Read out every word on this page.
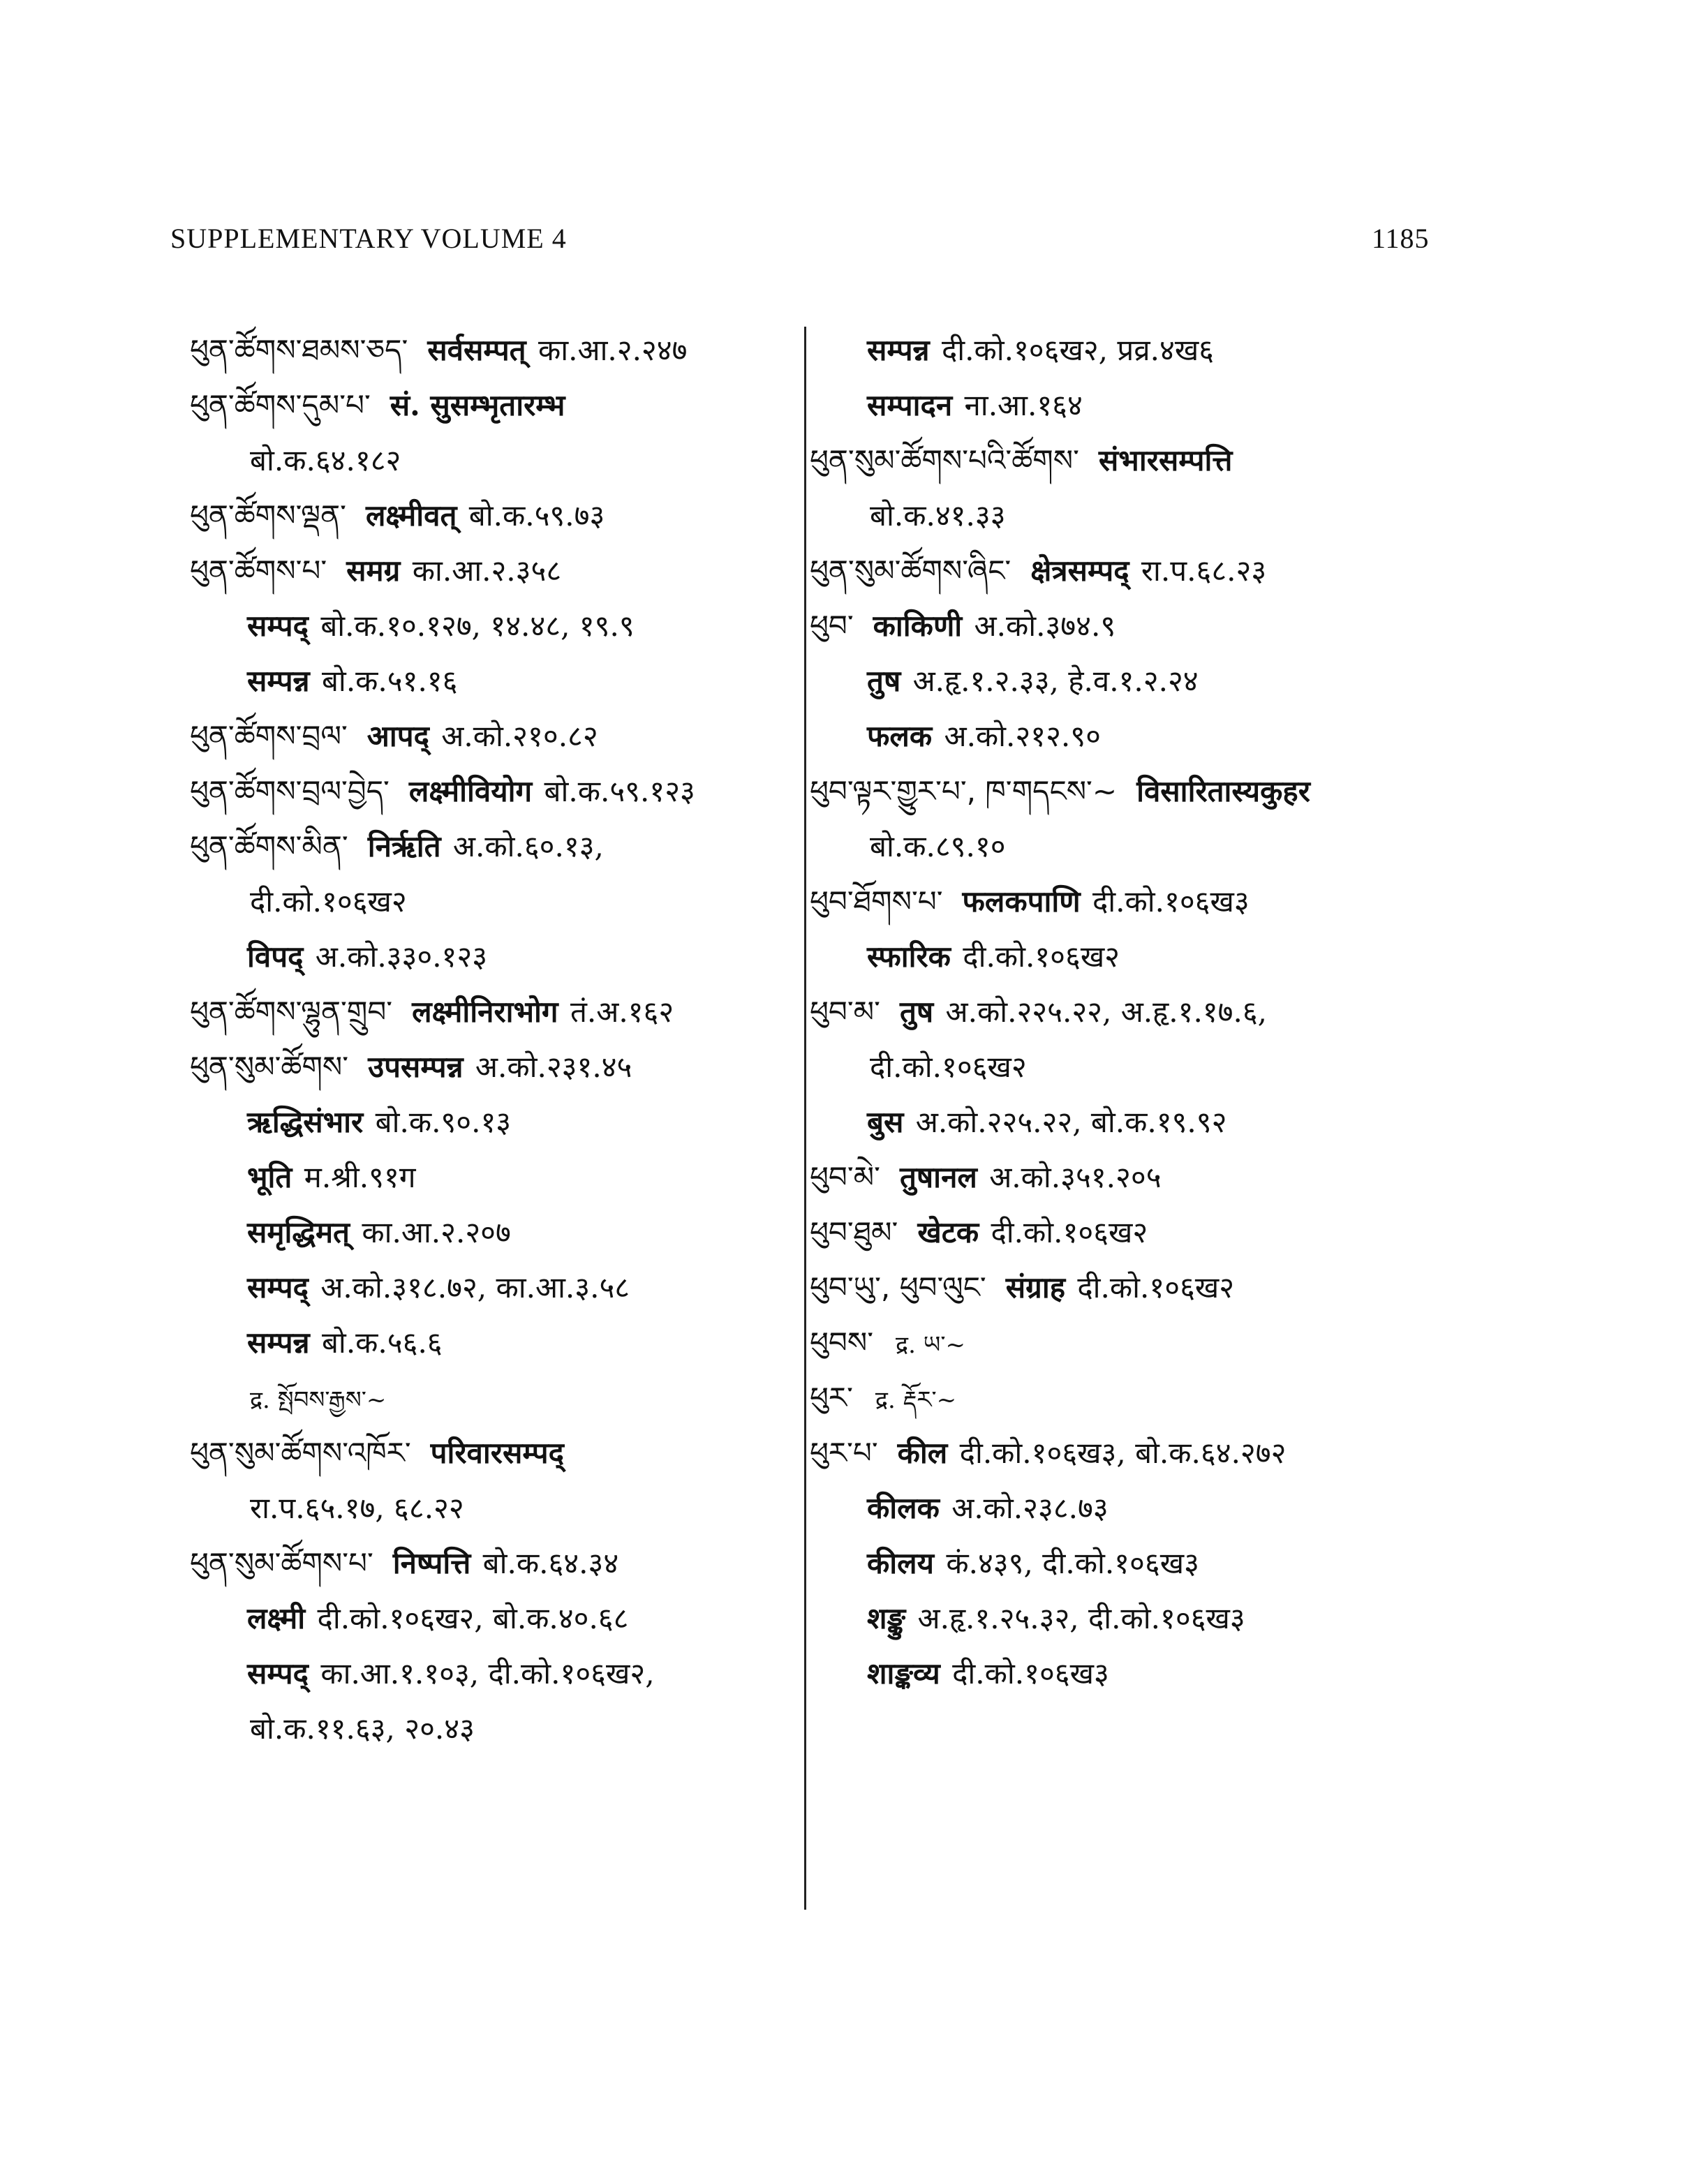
SUPPLEMENTARY VOLUME 4	1185
ཕུན་ཚོགས་ཐམས་ཅད་ सर्वसम्पत् का.आ.२.२४७
ཕུན་ཚོགས་དུམ་པ་ सं. सुसम्भृतारम्भ
बो.क.६४.१८२
ཕུན་ཚོགས་ལྡན་ लक्ष्मीवत् बो.क.५९.७३
ཕུན་ཚོགས་པ་ समग्र का.आ.२.३५८
सम्पद् बो.क.१०.१२७, १४.४८, १९.९
सम्पन्न बो.क.५१.१६
ཕུན་ཚོགས་བྲལ་ आपद् अ.को.२१०.८२
ཕུན་ཚོགས་བྲལ་བྱེད་ लक्ष्मीवियोग बो.क.५९.१२३
ཕུན་ཚོགས་མིན་ निर्ऋति अ.को.६०.१३,
दी.को.१०६ख२
विपद् अ.को.३३०.१२३
ཕུན་ཚོགས་ལྷུན་གྲུབ་ लक्ष्मीनिराभोग तं.अ.१६२
ཕུན་སུམ་ཚོགས་ उपसम्पन्न अ.को.२३१.४५
ऋद्धिसंभार बो.क.९०.१३
भूति म.श्री.९१ग
समृद्धिमत् का.आ.२.२०७
सम्पद् अ.को.३१८.७२, का.आ.३.५८
सम्पन्न बो.क.५६.६
द्र. སྤོབས་རྒྱས་~
ཕུན་སུམ་ཚོགས་འཁོར་ परिवारसम्पद्
रा.प.६५.१७, ६८.२२
ཕུན་སུམ་ཚོགས་པ་ निष्पत्ति बो.क.६४.३४
लक्ष्मी दी.को.१०६ख२, बो.क.४०.६८
सम्पद् का.आ.१.१०३, दी.को.१०६ख२,
बो.क.११.६३, २०.४३
सम्पन्न दी.को.१०६ख२, प्रव्र.४ख६
सम्पादन ना.आ.१६४
ཕུན་སུམ་ཚོགས་པའི་ཚོགས་ संभारसम्पत्ति
बो.क.४१.३३
ཕུན་སུམ་ཚོགས་ཞིང་ क्षेत्रसम्पद् रा.प.६८.२३
ཕུབ་ काकिणी अ.को.३७४.९
तुष अ.हृ.१.२.३३, हे.व.१.२.२४
फलक अ.को.२१२.९०
ཕུབ་ལྟར་གྱུར་པ་, ཁ་གདངས་~ विसारितास्यकुहर
बो.क.८९.१०
ཕུབ་ཐོགས་པ་ फलकपाणि दी.को.१०६ख३
स्फारिक दी.को.१०६ख२
ཕུབ་མ་ तुष अ.को.२२५.२२, अ.हृ.१.१७.६,
दी.को.१०६ख२
बुस अ.को.२२५.२२, बो.क.१९.९२
ཕུབ་མེ་ तुषानल अ.को.३५१.२०५
ཕུབ་ཐུམ་ खेटक दी.को.१०६ख२
ཕུབ་ཡུ་, ཕུབ་ལུང་ संग्राह दी.को.१०६ख२
ཕུབས་ द्र. ཡ་~
ཕུར་ द्र. རྡོར་~
ཕུར་པ་ कील दी.को.१०६ख३, बो.क.६४.२७२
कीलक अ.को.२३८.७३
कीलय कं.४३९, दी.को.१०६ख३
शङ्कु अ.हृ.१.२५.३२, दी.को.१०६ख३
शाङ्कव्य दी.को.१०६ख३
